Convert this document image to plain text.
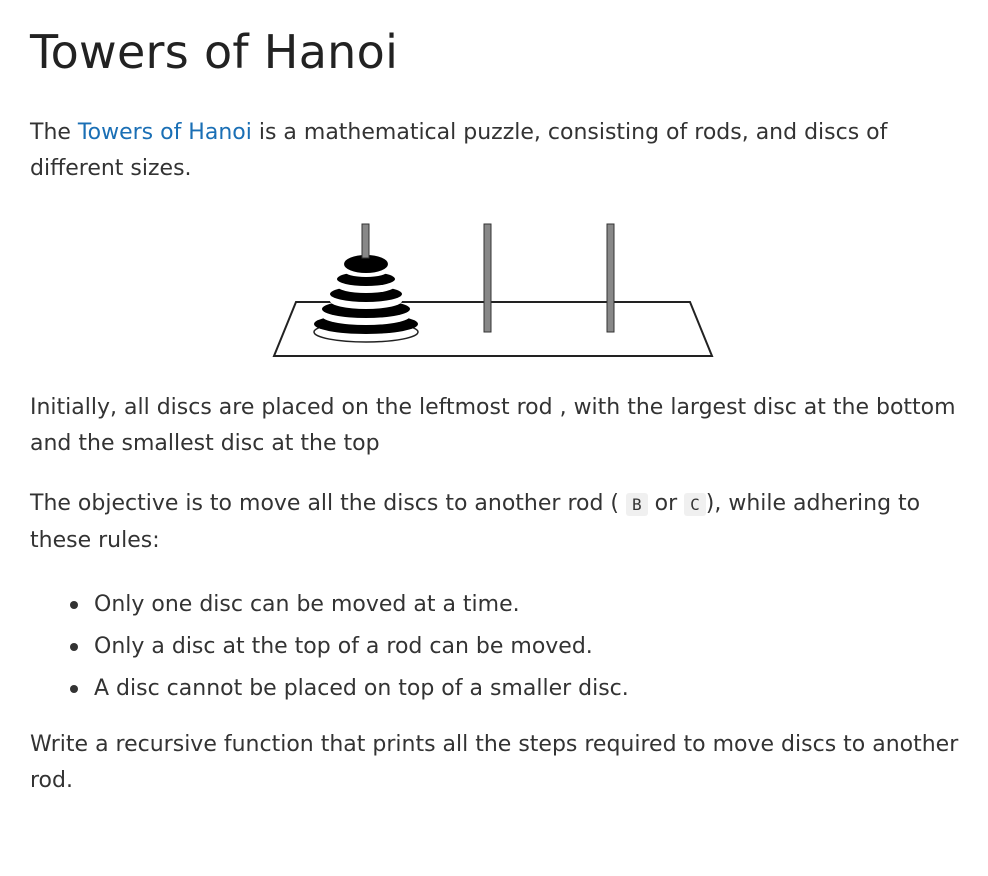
Towers of Hanoi

The Towers of Hanoi is a mathematical puzzle, consisting of rods, and discs of different sizes.

Initially, all discs are placed on the leftmost rod , with the largest disc at the bottom and the smallest disc at the top

The objective is to move all the discs to another rod ( B or C ), while adhering to these rules:

Only one disc can be moved at a time.
Only a disc at the top of a rod can be moved.
A disc cannot be placed on top of a smaller disc.

Write a recursive function that prints all the steps required to move discs to another rod.
